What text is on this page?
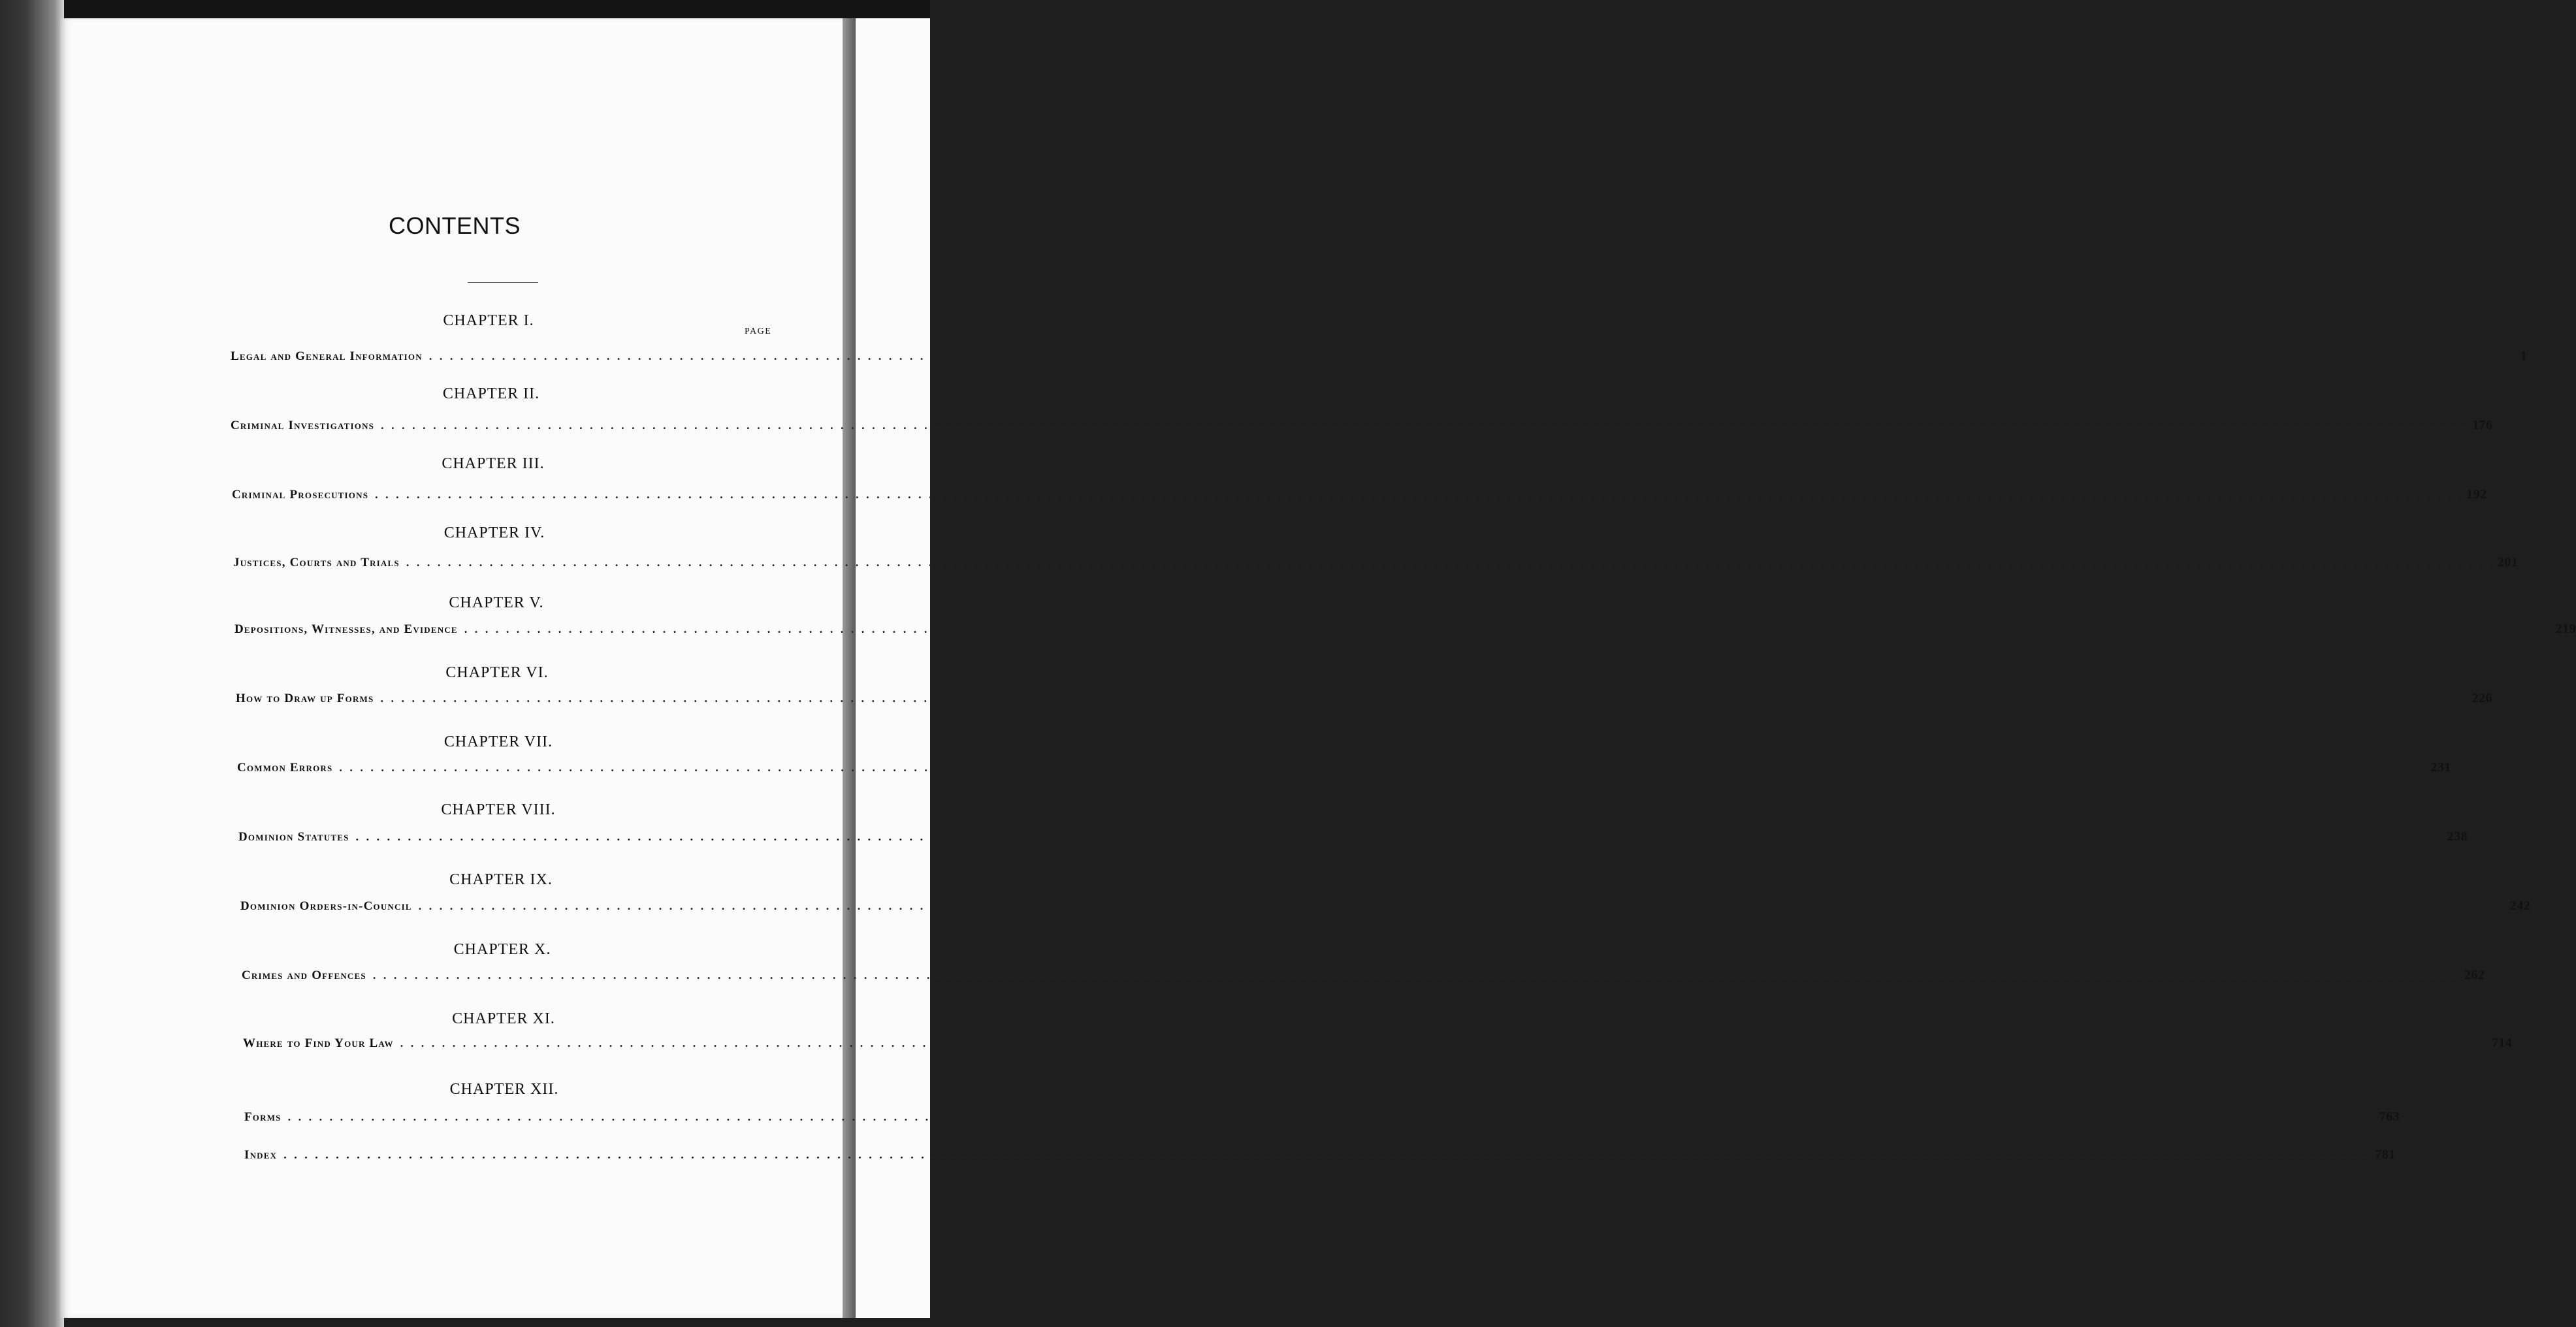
CONTENTS
PAGE
CHAPTER I.
Legal and General Information . . . . . . . . . . . . . . . . . . . . . . . . . . . . . . . . . . . . . . . . . . . . . . . . . . . . . . . . . . . . . . . . . . . . . . . . . . . . . . . . . . . . . . . . . . . . . . . . . . . . . . . . . . . . . . . . . . . . . . . . . . . . . . . . . . . . . . . . . . . . . . . . . . . . . . . . . . . . . . . . . . . . . . . . . . . . . . . . . . . . . . . . . . . . . . . . . . . . . . . . 1
CHAPTER II.
Criminal Investigations . . . . . . . . . . . . . . . . . . . . . . . . . . . . . . . . . . . . . . . . . . . . . . . . . . . . . . . . . . . . . . . . . . . . . . . . . . . . . . . . . . . . . . . . . . . . . . . . . . . . . . . . . . . . . . . . . . . . . . . . . . . . . . . . . . . . . . . . . . . . . . . . . . . . . . . . . . . . . . . . . . . . . . . . . . . . . . . . . . . . . . . . . . . . . . . . . . . . . . . . 176
CHAPTER III.
Criminal Prosecutions . . . . . . . . . . . . . . . . . . . . . . . . . . . . . . . . . . . . . . . . . . . . . . . . . . . . . . . . . . . . . . . . . . . . . . . . . . . . . . . . . . . . . . . . . . . . . . . . . . . . . . . . . . . . . . . . . . . . . . . . . . . . . . . . . . . . . . . . . . . . . . . . . . . . . . . . . . . . . . . . . . . . . . . . . . . . . . . . . . . . . . . . . . . . . . . . . . . . . . . . 192
CHAPTER IV.
Justices, Courts and Trials . . . . . . . . . . . . . . . . . . . . . . . . . . . . . . . . . . . . . . . . . . . . . . . . . . . . . . . . . . . . . . . . . . . . . . . . . . . . . . . . . . . . . . . . . . . . . . . . . . . . . . . . . . . . . . . . . . . . . . . . . . . . . . . . . . . . . . . . . . . . . . . . . . . . . . . . . . . . . . . . . . . . . . . . . . . . . . . . . . . . . . . . . . . . . . . . . . . . . . . . 201
CHAPTER V.
Depositions, Witnesses, and Evidence . . . . . . . . . . . . . . . . . . . . . . . . . . . . . . . . . . . . . . . . . . . . . . . . . . . . . . . . . . . . . . . . . . . . . . . . . . . . . . . . . . . . . . . . . . . . . . . . . . . . . . . . . . . . . . . . . . . . . . . . . . . . . . . . . . . . . . . . . . . . . . . . . . . . . . . . . . . . . . . . . . . . . . . . . . . . . . . . . . . . . . . . . . . . . . . . . . . . . . . . 219
CHAPTER VI.
How to Draw up Forms . . . . . . . . . . . . . . . . . . . . . . . . . . . . . . . . . . . . . . . . . . . . . . . . . . . . . . . . . . . . . . . . . . . . . . . . . . . . . . . . . . . . . . . . . . . . . . . . . . . . . . . . . . . . . . . . . . . . . . . . . . . . . . . . . . . . . . . . . . . . . . . . . . . . . . . . . . . . . . . . . . . . . . . . . . . . . . . . . . . . . . . . . . . . . . . . . . . . . . . . 226
CHAPTER VII.
Common Errors . . . . . . . . . . . . . . . . . . . . . . . . . . . . . . . . . . . . . . . . . . . . . . . . . . . . . . . . . . . . . . . . . . . . . . . . . . . . . . . . . . . . . . . . . . . . . . . . . . . . . . . . . . . . . . . . . . . . . . . . . . . . . . . . . . . . . . . . . . . . . . . . . . . . . . . . . . . . . . . . . . . . . . . . . . . . . . . . . . . . . . . . . . . . . . . . . . . . . . . . 231
CHAPTER VIII.
Dominion Statutes . . . . . . . . . . . . . . . . . . . . . . . . . . . . . . . . . . . . . . . . . . . . . . . . . . . . . . . . . . . . . . . . . . . . . . . . . . . . . . . . . . . . . . . . . . . . . . . . . . . . . . . . . . . . . . . . . . . . . . . . . . . . . . . . . . . . . . . . . . . . . . . . . . . . . . . . . . . . . . . . . . . . . . . . . . . . . . . . . . . . . . . . . . . . . . . . . . . . . . . . 238
CHAPTER IX.
Dominion Orders-in-Council . . . . . . . . . . . . . . . . . . . . . . . . . . . . . . . . . . . . . . . . . . . . . . . . . . . . . . . . . . . . . . . . . . . . . . . . . . . . . . . . . . . . . . . . . . . . . . . . . . . . . . . . . . . . . . . . . . . . . . . . . . . . . . . . . . . . . . . . . . . . . . . . . . . . . . . . . . . . . . . . . . . . . . . . . . . . . . . . . . . . . . . . . . . . . . . . . . . . . . . . 242
CHAPTER X.
Crimes and Offences . . . . . . . . . . . . . . . . . . . . . . . . . . . . . . . . . . . . . . . . . . . . . . . . . . . . . . . . . . . . . . . . . . . . . . . . . . . . . . . . . . . . . . . . . . . . . . . . . . . . . . . . . . . . . . . . . . . . . . . . . . . . . . . . . . . . . . . . . . . . . . . . . . . . . . . . . . . . . . . . . . . . . . . . . . . . . . . . . . . . . . . . . . . . . . . . . . . . . . . . 262
CHAPTER XI.
Where to Find Your Law . . . . . . . . . . . . . . . . . . . . . . . . . . . . . . . . . . . . . . . . . . . . . . . . . . . . . . . . . . . . . . . . . . . . . . . . . . . . . . . . . . . . . . . . . . . . . . . . . . . . . . . . . . . . . . . . . . . . . . . . . . . . . . . . . . . . . . . . . . . . . . . . . . . . . . . . . . . . . . . . . . . . . . . . . . . . . . . . . . . . . . . . . . . . . . . . . . . . . . . . 714
CHAPTER XII.
Forms . . . . . . . . . . . . . . . . . . . . . . . . . . . . . . . . . . . . . . . . . . . . . . . . . . . . . . . . . . . . . . . . . . . . . . . . . . . . . . . . . . . . . . . . . . . . . . . . . . . . . . . . . . . . . . . . . . . . . . . . . . . . . . . . . . . . . . . . . . . . . . . . . . . . . . . . . . . . . . . . . . . . . . . . . . . . . . . . . . . . . . . . . . . . . . . . . . . . . . . . 763
Index . . . . . . . . . . . . . . . . . . . . . . . . . . . . . . . . . . . . . . . . . . . . . . . . . . . . . . . . . . . . . . . . . . . . . . . . . . . . . . . . . . . . . . . . . . . . . . . . . . . . . . . . . . . . . . . . . . . . . . . . . . . . . . . . . . . . . . . . . . . . . . . . . . . . . . . . . . . . . . . . . . . . . . . . . . . . . . . . . . . . . . . . . . . . . . . . . . . . . . . . 781
